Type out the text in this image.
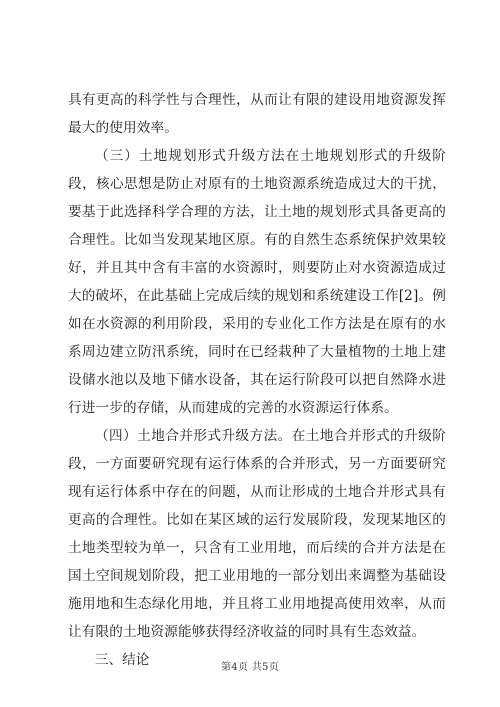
具有更高的科学性与合理性，从而让有限的建设用地资源发挥最大的使用效率。

（三）土地规划形式升级方法在土地规划形式的升级阶段，核心思想是防止对原有的土地资源系统造成过大的干扰，要基于此选择科学合理的方法，让土地的规划形式具备更高的合理性。比如当发现某地区原。有的自然生态系统保护效果较好，并且其中含有丰富的水资源时，则要防止对水资源造成过大的破坏，在此基础上完成后续的规划和系统建设工作[2]。例如在水资源的利用阶段，采用的专业化工作方法是在原有的水系周边建立防汛系统，同时在已经栽种了大量植物的土地上建设储水池以及地下储水设备，其在运行阶段可以把自然降水进行进一步的存储，从而建成的完善的水资源运行体系。

（四）土地合并形式升级方法。在土地合并形式的升级阶段，一方面要研究现有运行体系的合并形式，另一方面要研究现有运行体系中存在的问题，从而让形成的土地合并形式具有更高的合理性。比如在某区域的运行发展阶段，发现某地区的土地类型较为单一，只含有工业用地，而后续的合并方法是在国土空间规划阶段，把工业用地的一部分划出来调整为基础设施用地和生态绿化用地，并且将工业用地提高使用效率，从而让有限的土地资源能够获得经济收益的同时具有生态效益。

三、结论	第4页 共5页
